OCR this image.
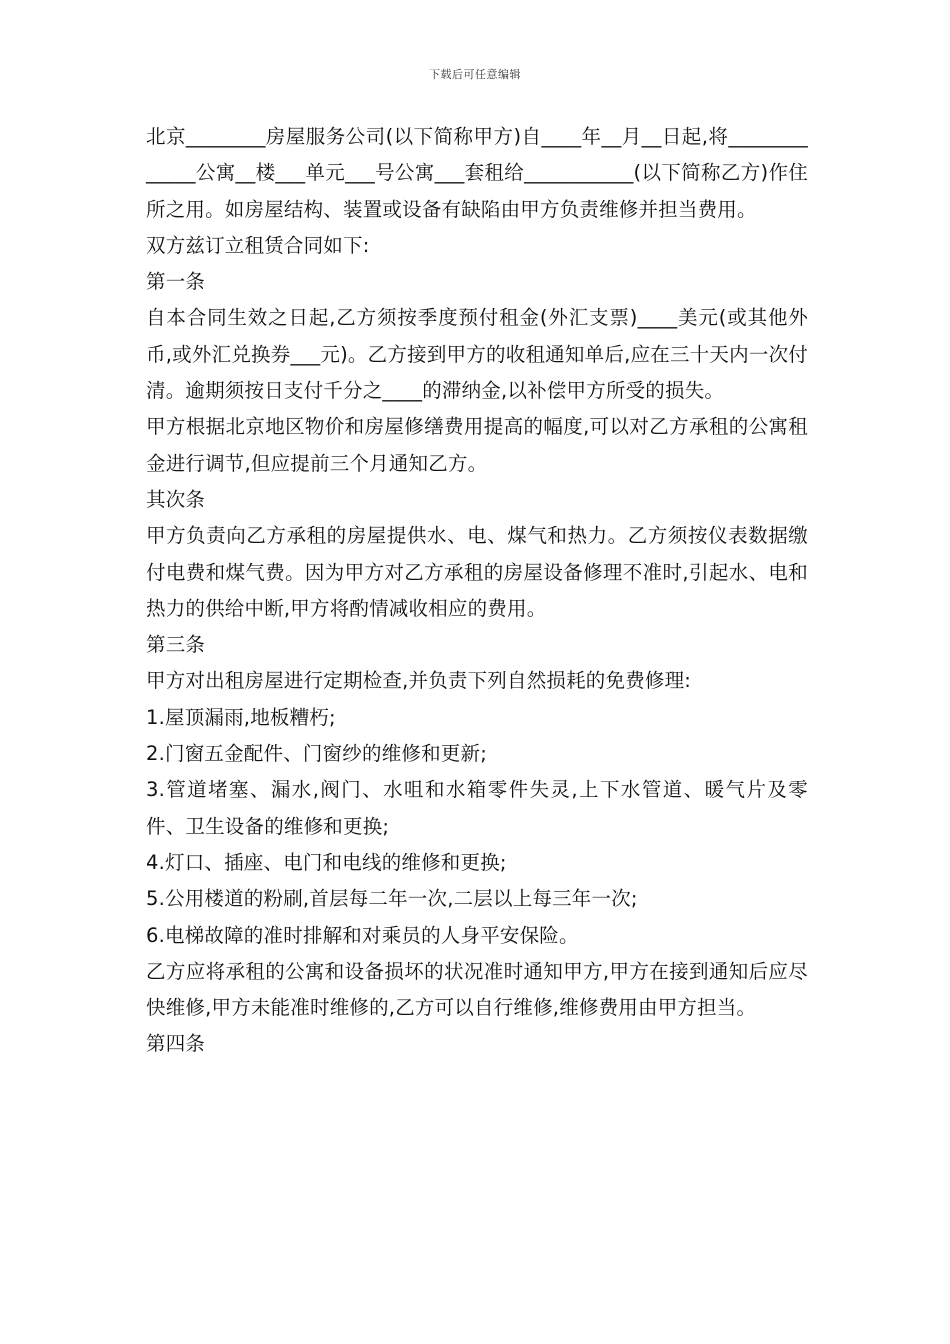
下载后可任意编辑

北京________房屋服务公司(以下简称甲方)自____年__月__日起,将_____________公寓__楼___单元___号公寓___套租给___________(以下简称乙方)作住所之用。如房屋结构、装置或设备有缺陷由甲方负责维修并担当费用。

双方兹订立租赁合同如下:

第一条

自本合同生效之日起,乙方须按季度预付租金(外汇支票)____美元(或其他外币,或外汇兑换券___元)。乙方接到甲方的收租通知单后,应在三十天内一次付清。逾期须按日支付千分之____的滞纳金,以补偿甲方所受的损失。

甲方根据北京地区物价和房屋修缮费用提高的幅度,可以对乙方承租的公寓租金进行调节,但应提前三个月通知乙方。

其次条

甲方负责向乙方承租的房屋提供水、电、煤气和热力。乙方须按仪表数据缴付电费和煤气费。因为甲方对乙方承租的房屋设备修理不准时,引起水、电和热力的供给中断,甲方将酌情减收相应的费用。

第三条

甲方对出租房屋进行定期检查,并负责下列自然损耗的免费修理:

1.屋顶漏雨,地板糟朽;

2.门窗五金配件、门窗纱的维修和更新;

3.管道堵塞、漏水,阀门、水咀和水箱零件失灵,上下水管道、暖气片及零件、卫生设备的维修和更换;

4.灯口、插座、电门和电线的维修和更换;

5.公用楼道的粉刷,首层每二年一次,二层以上每三年一次;

6.电梯故障的准时排解和对乘员的人身平安保险。

乙方应将承租的公寓和设备损坏的状况准时通知甲方,甲方在接到通知后应尽快维修,甲方未能准时维修的,乙方可以自行维修,维修费用由甲方担当。

第四条
